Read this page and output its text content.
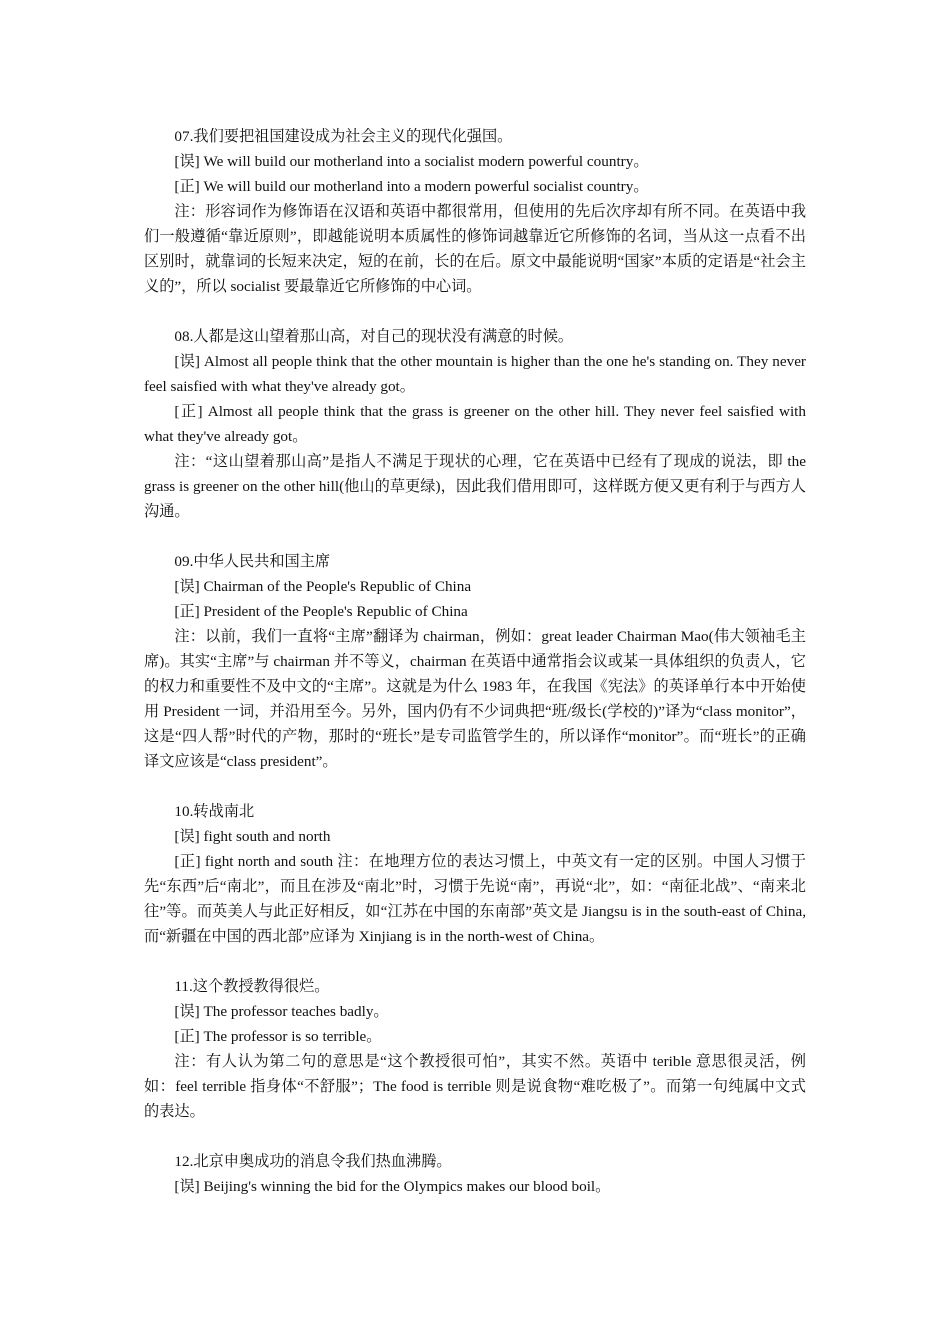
07.我们要把祖国建设成为社会主义的现代化强国。

[误] We will build our motherland into a socialist modern powerful country。

[正] We will build our motherland into a modern powerful socialist country。

注：形容词作为修饰语在汉语和英语中都很常用，但使用的先后次序却有所不同。在英语中我们一般遵循“靠近原则”，即越能说明本质属性的修饰词越靠近它所修饰的名词，当从这一点看不出区别时，就靠词的长短来决定，短的在前，长的在后。原文中最能说明“国家”本质的定语是“社会主义的”，所以 socialist 要最靠近它所修饰的中心词。

08.人都是这山望着那山高，对自己的现状没有满意的时候。

[误] Almost all people think that the other mountain is higher than the one he's standing on. They never feel saisfied with what they've already got。

[正] Almost all people think that the grass is greener on the other hill. They never feel saisfied with what they've already got。

注：“这山望着那山高”是指人不满足于现状的心理，它在英语中已经有了现成的说法，即 the grass is greener on the other hill(他山的草更绿)，因此我们借用即可，这样既方便又更有利于与西方人沟通。

09.中华人民共和国主席

[误] Chairman of the People's Republic of China

[正] President of the People's Republic of China

注：以前，我们一直将“主席”翻译为 chairman，例如：great leader Chairman Mao(伟大领袖毛主席)。其实“主席”与 chairman 并不等义，chairman 在英语中通常指会议或某一具体组织的负责人，它的权力和重要性不及中文的“主席”。这就是为什么 1983 年，在我国《宪法》的英译单行本中开始使用 President 一词，并沿用至今。另外，国内仍有不少词典把“班/级长(学校的)”译为“class monitor”，这是“四人帮”时代的产物，那时的“班长”是专司监管学生的，所以译作“monitor”。而“班长”的正确译文应该是“class president”。

10.转战南北

[误] fight south and north

[正] fight north and south 注：在地理方位的表达习惯上，中英文有一定的区别。中国人习惯于先“东西”后“南北”，而且在涉及“南北”时，习惯于先说“南”，再说“北”，如：“南征北战”、“南来北往”等。而英美人与此正好相反，如“江苏在中国的东南部”英文是 Jiangsu is in the south-east of China, 而“新疆在中国的西北部”应译为 Xinjiang is in the north-west of China。

11.这个教授教得很烂。

[误] The professor teaches badly。

[正] The professor is so terrible。

注：有人认为第二句的意思是“这个教授很可怕”，其实不然。英语中 terible 意思很灵活，例如：feel terrible 指身体“不舒服”；The food is terrible 则是说食物“难吃极了”。而第一句纯属中文式的表达。

12.北京申奥成功的消息令我们热血沸腾。

[误] Beijing's winning the bid for the Olympics makes our blood boil。
